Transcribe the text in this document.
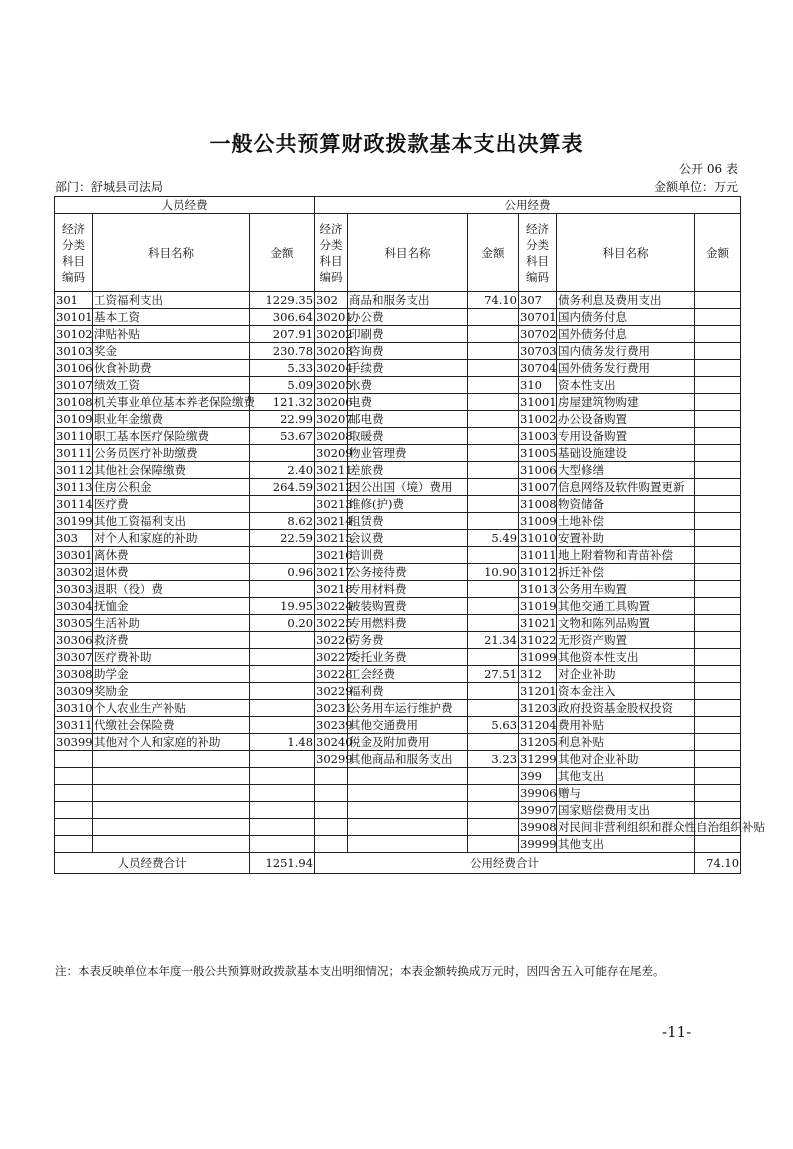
一般公共预算财政拨款基本支出决算表
公开 06 表
部门：舒城县司法局	金额单位：万元
人员经费			公用经费					
经济
分类
科目
编码	科目名称	金额	经济
分类
科目
编码	科目名称	金额	经济
分类
科目
编码	科目名称	金额
301	工资福利支出	1229.35	302	商品和服务支出	74.10	307	债务利息及费用支出	
30101	基本工资	306.64	30201	办公费		30701	国内债务付息	
30102	津贴补贴	207.91	30202	印刷费		30702	国外债务付息	
30103	奖金	230.78	30203	咨询费		30703	国内债务发行费用	
30106	伙食补助费	5.33	30204	手续费		30704	国外债务发行费用	
30107	绩效工资	5.09	30205	水费		310	资本性支出	
30108	机关事业单位基本养老保险缴费	121.32	30206	电费		31001	房屋建筑物购建	
30109	职业年金缴费	22.99	30207	邮电费		31002	办公设备购置	
30110	职工基本医疗保险缴费	53.67	30208	取暖费		31003	专用设备购置	
30111	公务员医疗补助缴费		30209	物业管理费		31005	基础设施建设	
30112	其他社会保障缴费	2.40	30211	差旅费		31006	大型修缮	
30113	住房公积金	264.59	30212	因公出国（境）费用		31007	信息网络及软件购置更新	
30114	医疗费		30213	维修(护)费		31008	物资储备	
30199	其他工资福利支出	8.62	30214	租赁费		31009	土地补偿	
303	对个人和家庭的补助	22.59	30215	会议费	5.49	31010	安置补助	
30301	离休费		30216	培训费		31011	地上附着物和青苗补偿	
30302	退休费	0.96	30217	公务接待费	10.90	31012	拆迁补偿	
30303	退职（役）费		30218	专用材料费		31013	公务用车购置	
30304	抚恤金	19.95	30224	被装购置费		31019	其他交通工具购置	
30305	生活补助	0.20	30225	专用燃料费		31021	文物和陈列品购置	
30306	救济费		30226	劳务费	21.34	31022	无形资产购置	
30307	医疗费补助		30227	委托业务费		31099	其他资本性支出	
30308	助学金		30228	工会经费	27.51	312	对企业补助	
30309	奖励金		30229	福利费		31201	资本金注入	
30310	个人农业生产补贴		30231	公务用车运行维护费		31203	政府投资基金股权投资	
30311	代缴社会保险费		30239	其他交通费用	5.63	31204	费用补贴	
30399	其他对个人和家庭的补助	1.48	30240	税金及附加费用		31205	利息补贴	
			30299	其他商品和服务支出	3.23	31299	其他对企业补助	
						399	其他支出	
						39906	赠与	
						39907	国家赔偿费用支出	
						39908	对民间非营利组织和群众性自治组织补贴	
						39999	其他支出	
人员经费合计		1251.94	公用经费合计					74.10
注：本表反映单位本年度一般公共预算财政拨款基本支出明细情况；本表金额转换成万元时，因四舍五入可能存在尾差。
-11-
